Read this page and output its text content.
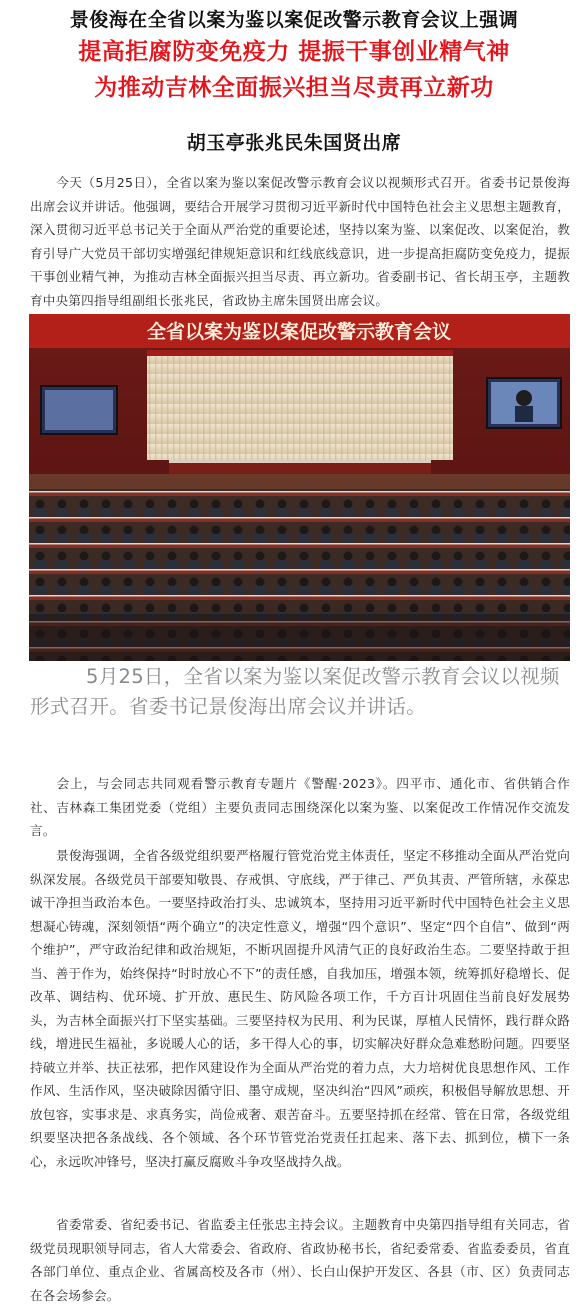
景俊海在全省以案为鉴以案促改警示教育会议上强调
提高拒腐防变免疫力 提振干事创业精气神
为推动吉林全面振兴担当尽责再立新功
胡玉亭张兆民朱国贤出席

今天（5月25日），全省以案为鉴以案促改警示教育会议以视频形式召开。省委书记景俊海出席会议并讲话。他强调，要结合开展学习贯彻习近平新时代中国特色社会主义思想主题教育，深入贯彻习近平总书记关于全面从严治党的重要论述，坚持以案为鉴、以案促改、以案促治，教育引导广大党员干部切实增强纪律规矩意识和红线底线意识，进一步提高拒腐防变免疫力，提振干事创业精气神，为推动吉林全面振兴担当尽责、再立新功。省委副书记、省长胡玉亭，主题教育中央第四指导组副组长张兆民，省政协主席朱国贤出席会议。

全省以案为鉴以案促改警示教育会议

5月25日，全省以案为鉴以案促改警示教育会议以视频形式召开。省委书记景俊海出席会议并讲话。

会上，与会同志共同观看警示教育专题片《警醒·2023》。四平市、通化市、省供销合作社、吉林森工集团党委（党组）主要负责同志围绕深化以案为鉴、以案促改工作情况作交流发言。

景俊海强调，全省各级党组织要严格履行管党治党主体责任，坚定不移推动全面从严治党向纵深发展。各级党员干部要知敬畏、存戒惧、守底线，严于律己、严负其责、严管所辖，永葆忠诚干净担当政治本色。一要坚持政治打头、忠诚筑本，坚持用习近平新时代中国特色社会主义思想凝心铸魂，深刻领悟“两个确立”的决定性意义，增强“四个意识”、坚定“四个自信”、做到“两个维护”，严守政治纪律和政治规矩，不断巩固提升风清气正的良好政治生态。二要坚持敢于担当、善于作为，始终保持“时时放心不下”的责任感，自我加压，增强本领，统筹抓好稳增长、促改革、调结构、优环境、扩开放、惠民生、防风险各项工作，千方百计巩固住当前良好发展势头，为吉林全面振兴打下坚实基础。三要坚持权为民用、利为民谋，厚植人民情怀，践行群众路线，增进民生福祉，多说暖人心的话，多干得人心的事，切实解决好群众急难愁盼问题。四要坚持破立并举、扶正祛邪，把作风建设作为全面从严治党的着力点，大力培树优良思想作风、工作作风、生活作风，坚决破除因循守旧、墨守成规，坚决纠治“四风”顽疾，积极倡导解放思想、开放包容，实事求是、求真务实，尚俭戒奢、艰苦奋斗。五要坚持抓在经常、管在日常，各级党组织要坚决把各条战线、各个领域、各个环节管党治党责任扛起来、落下去、抓到位，横下一条心，永远吹冲锋号，坚决打赢反腐败斗争攻坚战持久战。

省委常委、省纪委书记、省监委主任张忠主持会议。主题教育中央第四指导组有关同志，省级党员现职领导同志，省人大常委会、省政府、省政协秘书长，省纪委常委、省监委委员，省直各部门单位、重点企业、省属高校及各市（州）、长白山保护开发区、各县（市、区）负责同志在各会场参会。
